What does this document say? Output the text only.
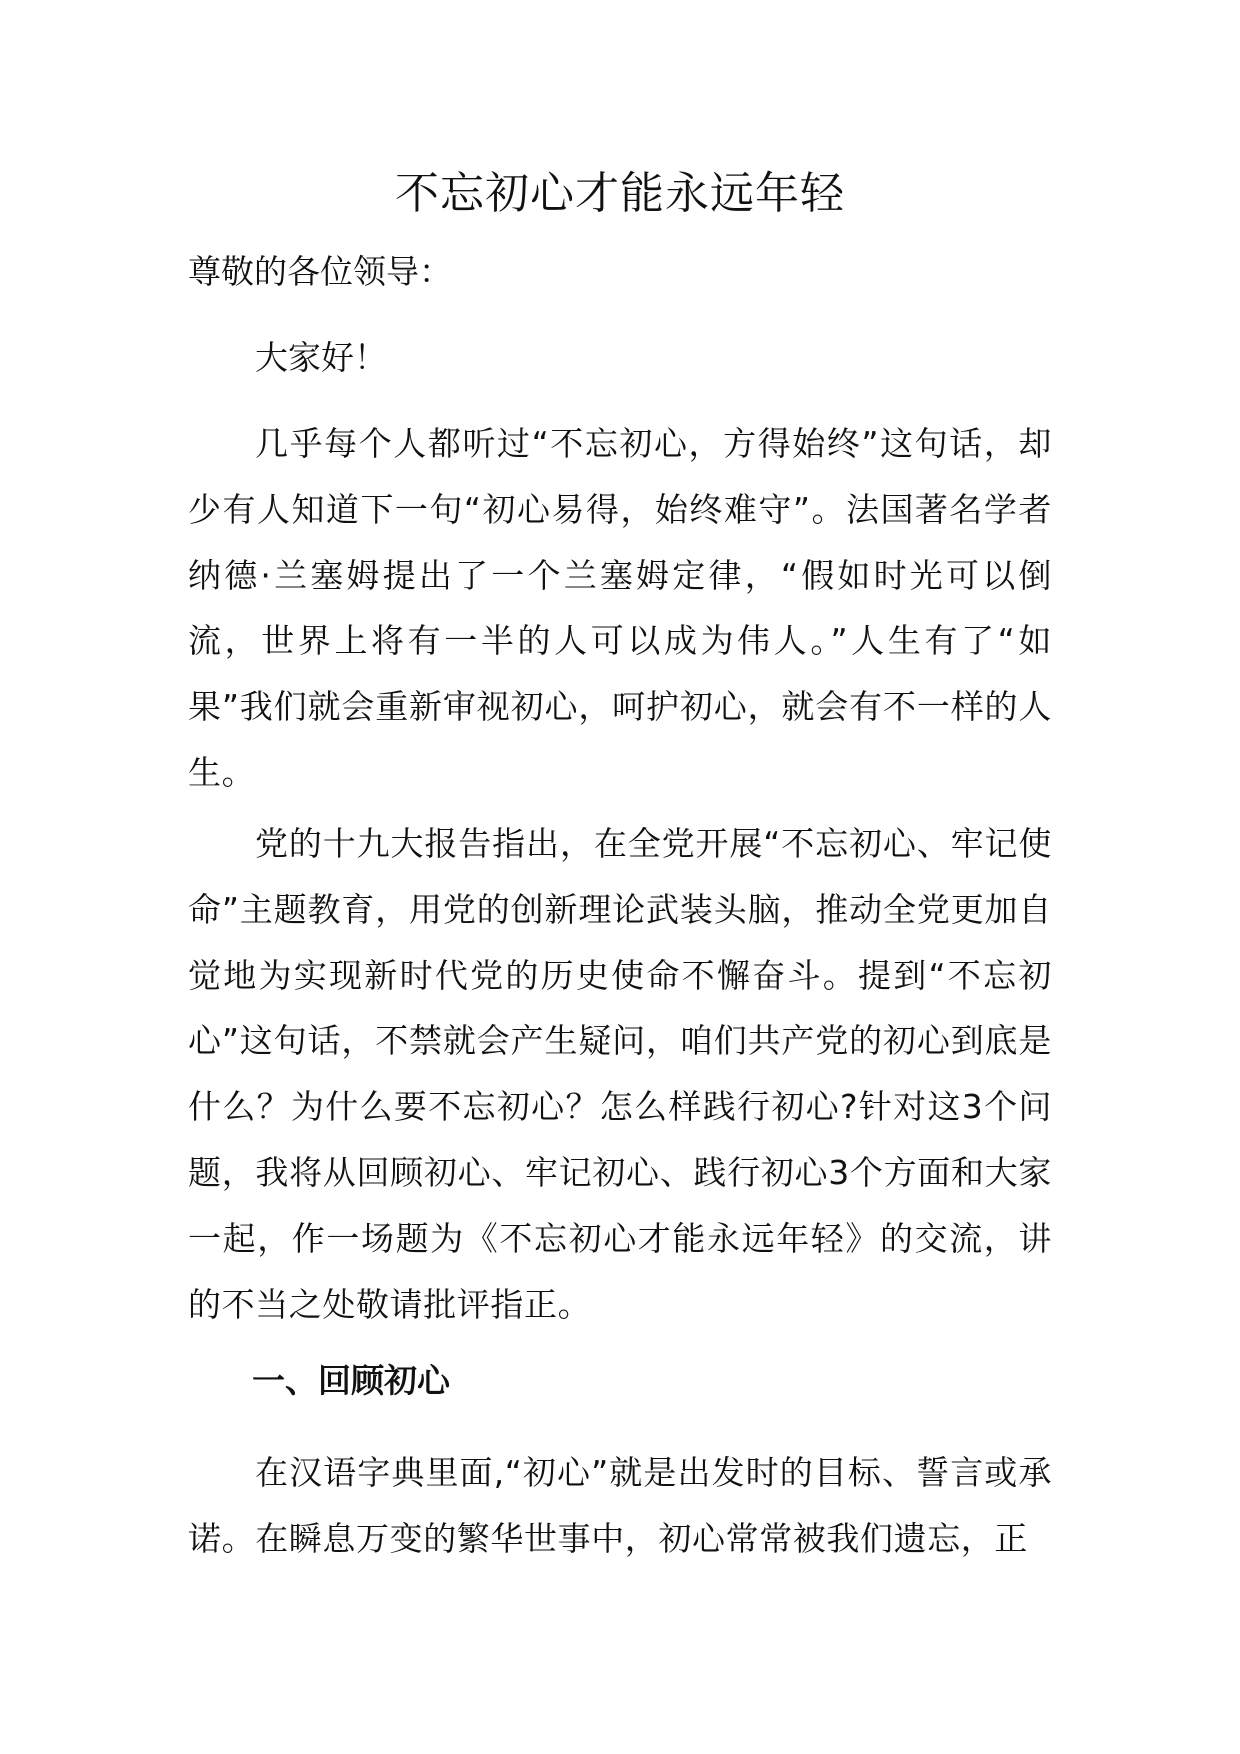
不忘初心才能永远年轻

尊敬的各位领导：

大家好！

几乎每个人都听过“不忘初心，方得始终”这句话，却少有人知道下一句“初心易得，始终难守”。法国著名学者纳德·兰塞姆提出了一个兰塞姆定律，“假如时光可以倒流，世界上将有一半的人可以成为伟人。”人生有了“如果”我们就会重新审视初心，呵护初心，就会有不一样的人生。

党的十九大报告指出，在全党开展“不忘初心、牢记使命”主题教育，用党的创新理论武装头脑，推动全党更加自觉地为实现新时代党的历史使命不懈奋斗。提到“不忘初心”这句话，不禁就会产生疑问，咱们共产党的初心到底是什么？为什么要不忘初心？怎么样践行初心?针对这3个问题，我将从回顾初心、牢记初心、践行初心3个方面和大家一起，作一场题为《不忘初心才能永远年轻》的交流，讲的不当之处敬请批评指正。

一、回顾初心

在汉语字典里面,“初心”就是出发时的目标、誓言或承诺。在瞬息万变的繁华世事中，初心常常被我们遗忘，正
